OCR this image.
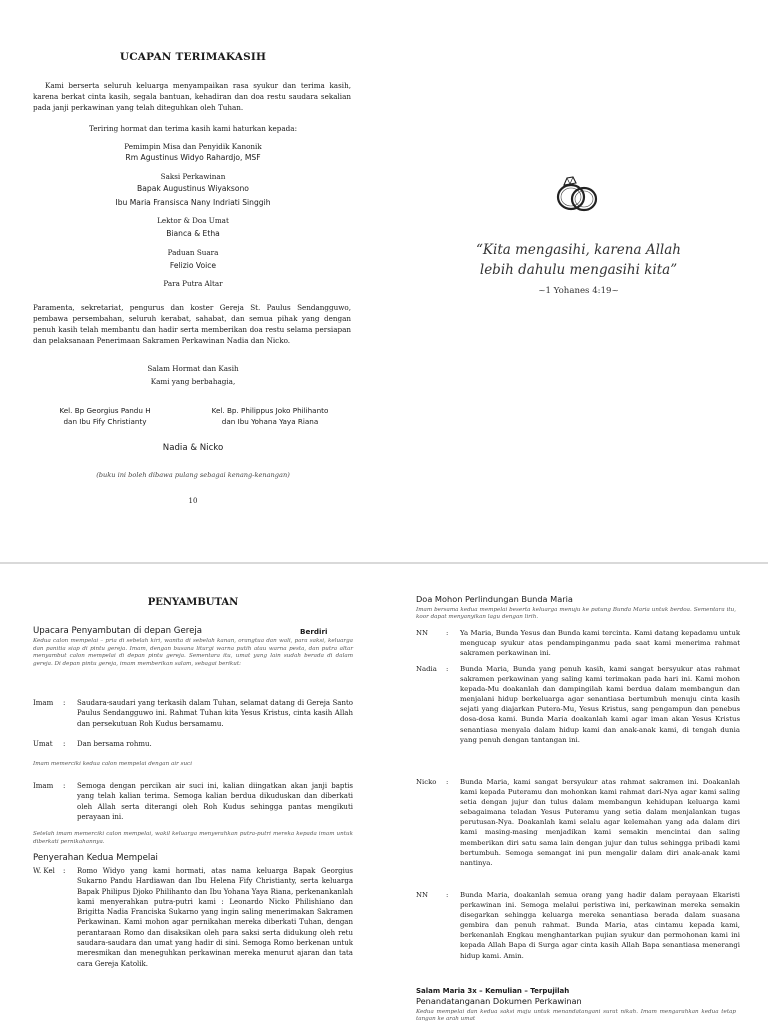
UCAPAN TERIMAKASIH
Kami berserta seluruh keluarga menyampaikan rasa syukur dan terima kasih, karena berkat cinta kasih, segala bantuan, kehadiran dan doa restu saudara sekalian pada janji perkawinan yang telah diteguhkan oleh Tuhan.
Teriring hormat dan terima kasih kami haturkan kepada:
Pemimpin Misa dan Penyidik Kanonik
Rm Agustinus Widyo Rahardjo, MSF
Saksi Perkawinan
Bapak Augustinus Wiyaksono
Ibu Maria Fransisca Nany Indriati Singgih
Lektor & Doa Umat
Bianca & Etha
Paduan Suara
Felizio Voice
Para Putra Altar
Paramenta, sekretariat, pengurus dan koster Gereja St. Paulus Sendangguwo, pembawa persembahan, seluruh kerabat, sahabat, dan semua pihak yang dengan penuh kasih telah membantu dan hadir serta memberikan doa restu selama persiapan dan pelaksanaan Penerimaan Sakramen Perkawinan Nadia dan Nicko.
Salam Hormat dan Kasih
Kami yang berbahagia,
Kel. Bp Georgius Pandu H
dan Ibu Fify Christianty
Kel. Bp. Philippus Joko Philihanto
dan Ibu Yohana Yaya Riana
Nadia & Nicko
(buku ini boleh dibawa pulang sebagai kenang-kenangan)
10
“Kita mengasihi, karena Allah
lebih dahulu mengasihi kita”
~1 Yohanes 4:19~
PENYAMBUTAN
Upacara Penyambutan di depan Gereja	Berdiri
Kedua calon mempelai – pria di sebelah kiri, wanita di sebelah kanan, orangtua dan wali, para saksi, keluarga dan panitia siap di pintu gereja. Imam, dengan busana liturgi warna putih atau warna pesta, dan putra altar menyambut calon mempelai di depan pintu gereja. Sementara itu, umat yang lain sudah berada di dalam gereja. Di depan pintu gereja, imam memberikan salam, sebagai berikut:
Imam	:	Saudara-saudari yang terkasih dalam Tuhan, selamat datang di Gereja Santo Paulus Sendangguwo ini. Rahmat Tuhan kita Yesus Kristus, cinta kasih Allah dan persekutuan Roh Kudus bersamamu.
Umat	:	Dan bersama rohmu.
Imam memerciki kedua calon mempelai dengan air suci
Imam	:	Semoga dengan percikan air suci ini, kalian diingatkan akan janji baptis yang telah kalian terima. Semoga kalian berdua dikuduskan dan diberkati oleh Allah serta diterangi oleh Roh Kudus sehingga pantas mengikuti perayaan ini.
Setelah imam memerciki calon mempelai, wakil keluarga menyerahkan putra-putri mereka kepada imam untuk diberkati pernikahannya.
Penyerahan Kedua Mempelai
W. Kel	:	Romo Widyo yang kami hormati, atas nama keluarga Bapak Georgius Sukarno Pandu Hardiawan dan Ibu Helena Fify Christianty, serta keluarga Bapak Philipus Djoko Philihanto dan Ibu Yohana Yaya Riana, perkenankanlah kami menyerahkan putra-putri kami : Leonardo Nicko Philishiano dan Brigitta Nadia Franciska Sukarno yang ingin saling menerimakan Sakramen Perkawinan. Kami mohon agar pernikahan mereka diberkati Tuhan, dengan perantaraan Romo dan disaksikan oleh para saksi serta didukung oleh retu saudara-saudara dan umat yang hadir di sini. Semoga Romo berkenan untuk meresmikan dan meneguhkan perkawinan mereka menurut ajaran dan tata cara Gereja Katolik.
Doa Mohon Perlindungan Bunda Maria
Imam bersama kedua mempelai beserta keluarga menuju ke patung Bunda Maria untuk berdoa. Sementara itu, koor dapat menyanyikan lagu dengan lirih.
NN	:	Ya Maria, Bunda Yesus dan Bunda kami tercinta. Kami datang kepadamu untuk mengucap syukur atas pendampinganmu pada saat kami menerima rahmat sakramen perkawinan ini.
Nadia	:	Bunda Maria, Bunda yang penuh kasih, kami sangat bersyukur atas rahmat sakramen perkawinan yang saling kami terimakan pada hari ini. Kami mohon kepada-Mu doakanlah dan dampingilah kami berdua dalam membangun dan menjalani hidup berkeluarga agar senantiasa bertumbuh menuju cinta kasih sejati yang diajarkan Putera-Mu, Yesus Kristus, sang pengampun dan penebus dosa-dosa kami. Bunda Maria doakanlah kami agar iman akan Yesus Kristus senantiasa menyala dalam hidup kami dan anak-anak kami, di tengah dunia yang penuh dengan tantangan ini.
Nicko	:	Bunda Maria, kami sangat bersyukur atas rahmat sakramen ini. Doakanlah kami kepada Puteramu dan mohonkan kami rahmat dari-Nya agar kami saling setia dengan jujur dan tulus dalam membangun kehidupan keluarga kami sebagaimana teladan Yesus Puteramu yang setia dalam menjalankan tugas perutusan-Nya. Doakanlah kami selalu agar kelemahan yang ada dalam diri kami masing-masing menjadikan kami semakin mencintai dan saling memberikan diri satu sama lain dengan jujur dan tulus sehingga pribadi kami bertumbuh. Semoga semangat ini pun mengalir dalam diri anak-anak kami nantinya.
NN	:	Bunda Maria, doakanlah semua orang yang hadir dalam perayaan Ekaristi perkawinan ini. Semoga melalui peristiwa ini, perkawinan mereka semakin disegarkan sehingga keluarga mereka senantiasa berada dalam suasana gembira dan penuh rahmat. Bunda Maria, atas cintamu kepada kami, berkenanlah Engkau menghantarkan pujian syukur dan permohonan kami ini kepada Allah Bapa di Surga agar cinta kasih Allah Bapa senantiasa menerangi hidup kami. Amin.
Salam Maria 3x – Kemulian – Terpujilah
Penandatanganan Dokumen Perkawinan
Kedua mempelai dan kedua saksi maju untuk menandatangani surat nikah. Imam mengarahkan kedua tetap tangan ke arah umat
